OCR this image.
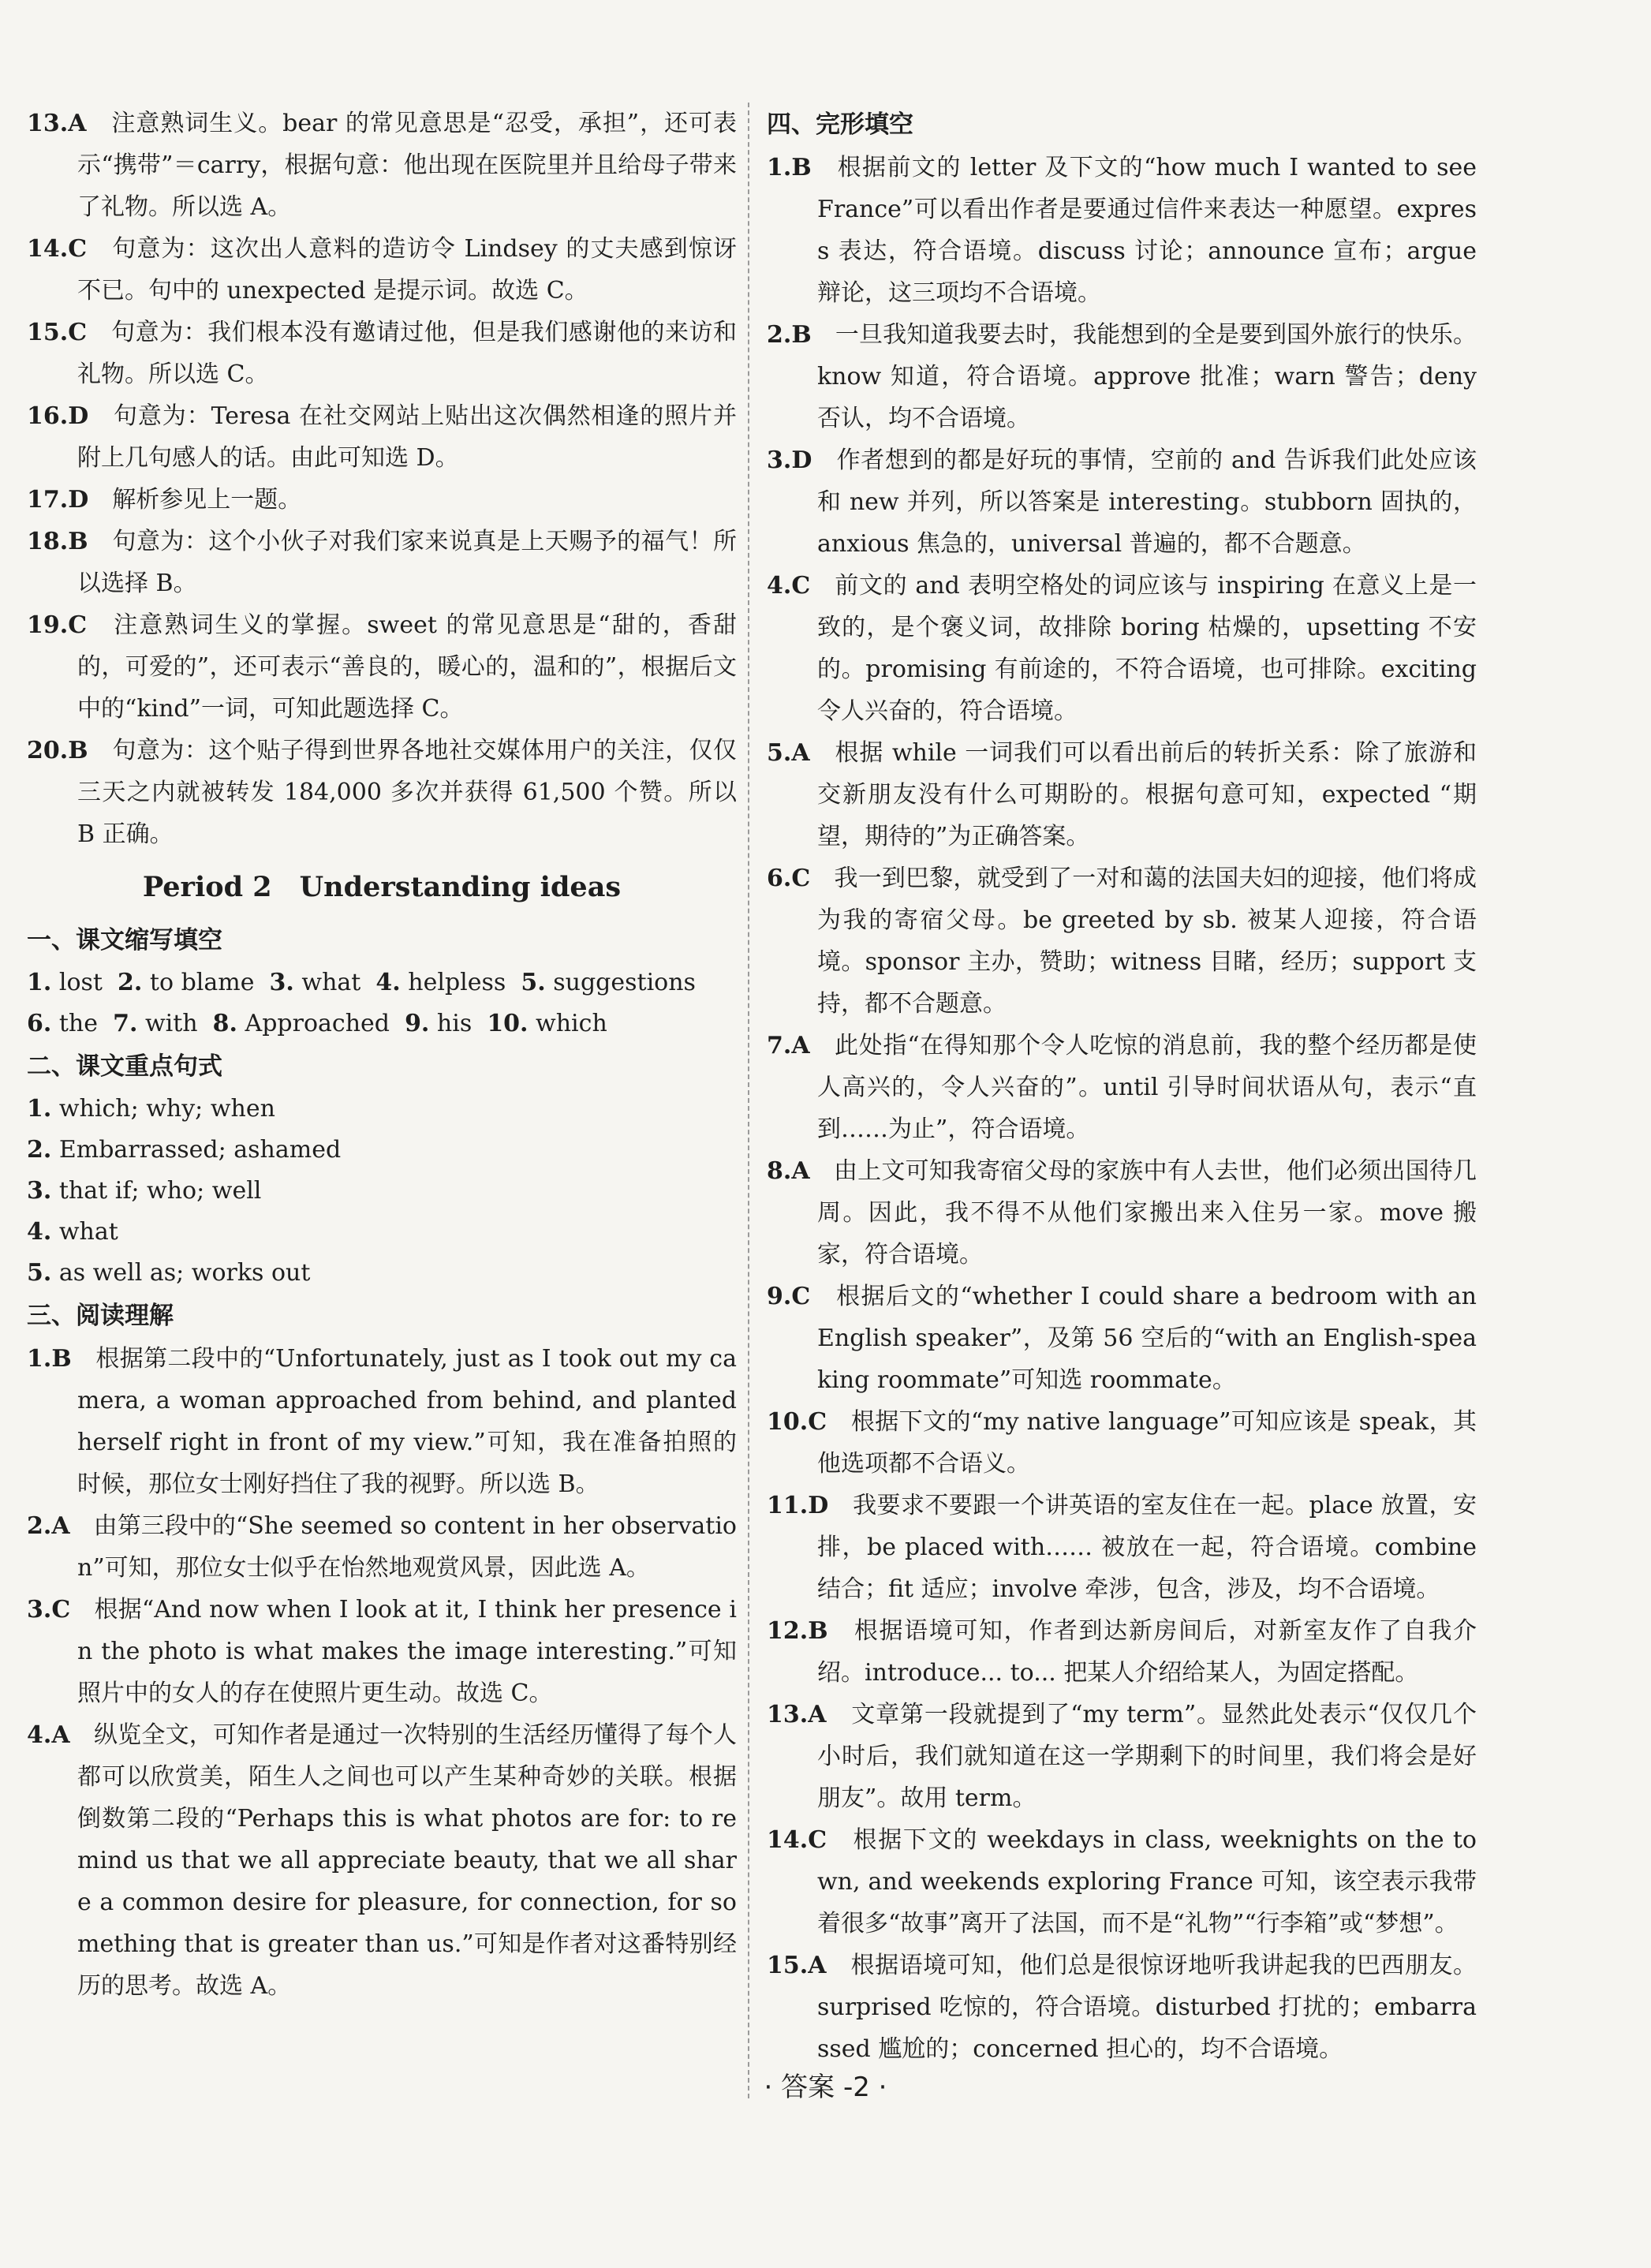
13.A　注意熟词生义。bear 的常见意思是“忍受，承担”，还可表示“携带”＝carry，根据句意：他出现在医院里并且给母子带来了礼物。所以选 A。

14.C　句意为：这次出人意料的造访令 Lindsey 的丈夫感到惊讶不已。句中的 unexpected 是提示词。故选 C。

15.C　句意为：我们根本没有邀请过他，但是我们感谢他的来访和礼物。所以选 C。

16.D　句意为：Teresa 在社交网站上贴出这次偶然相逢的照片并附上几句感人的话。由此可知选 D。

17.D　解析参见上一题。

18.B　句意为：这个小伙子对我们家来说真是上天赐予的福气！所以选择 B。

19.C　注意熟词生义的掌握。sweet 的常见意思是“甜的，香甜的，可爱的”，还可表示“善良的，暖心的，温和的”，根据后文中的“kind”一词，可知此题选择 C。

20.B　句意为：这个贴子得到世界各地社交媒体用户的关注，仅仅三天之内就被转发 184,000 多次并获得 61,500 个赞。所以 B 正确。

Period 2　Understanding ideas

一、课文缩写填空

1. lost  2. to blame  3. what  4. helpless  5. suggestions

6. the  7. with  8. Approached  9. his  10. which

二、课文重点句式

1. which; why; when

2. Embarrassed; ashamed

3. that if; who; well

4. what

5. as well as; works out

三、阅读理解

1.B　根据第二段中的“Unfortunately, just as I took out my camera, a woman approached from behind, and planted herself right in front of my view.”可知，我在准备拍照的时候，那位女士刚好挡住了我的视野。所以选 B。

2.A　由第三段中的“She seemed so content in her observation”可知，那位女士似乎在怡然地观赏风景，因此选 A。

3.C　根据“And now when I look at it, I think her presence in the photo is what makes the image interesting.”可知照片中的女人的存在使照片更生动。故选 C。

4.A　纵览全文，可知作者是通过一次特别的生活经历懂得了每个人都可以欣赏美，陌生人之间也可以产生某种奇妙的关联。根据倒数第二段的“Perhaps this is what photos are for: to remind us that we all appreciate beauty, that we all share a common desire for pleasure, for connection, for something that is greater than us.”可知是作者对这番特别经历的思考。故选 A。

四、完形填空

1.B　根据前文的 letter 及下文的“how much I wanted to see France”可以看出作者是要通过信件来表达一种愿望。express 表达，符合语境。discuss 讨论；announce 宣布；argue 辩论，这三项均不合语境。

2.B　一旦我知道我要去时，我能想到的全是要到国外旅行的快乐。know 知道，符合语境。approve 批准；warn 警告；deny 否认，均不合语境。

3.D　作者想到的都是好玩的事情，空前的 and 告诉我们此处应该和 new 并列，所以答案是 interesting。stubborn 固执的，anxious 焦急的，universal 普遍的，都不合题意。

4.C　前文的 and 表明空格处的词应该与 inspiring 在意义上是一致的，是个褒义词，故排除 boring 枯燥的，upsetting 不安的。promising 有前途的，不符合语境，也可排除。exciting 令人兴奋的，符合语境。

5.A　根据 while 一词我们可以看出前后的转折关系：除了旅游和交新朋友没有什么可期盼的。根据句意可知，expected “期望，期待的”为正确答案。

6.C　我一到巴黎，就受到了一对和蔼的法国夫妇的迎接，他们将成为我的寄宿父母。be greeted by sb. 被某人迎接，符合语境。sponsor 主办，赞助；witness 目睹，经历；support 支持，都不合题意。

7.A　此处指“在得知那个令人吃惊的消息前，我的整个经历都是使人高兴的，令人兴奋的”。until 引导时间状语从句，表示“直到……为止”，符合语境。

8.A　由上文可知我寄宿父母的家族中有人去世，他们必须出国待几周。因此，我不得不从他们家搬出来入住另一家。move 搬家，符合语境。

9.C　根据后文的“whether I could share a bedroom with an English speaker”，及第 56 空后的“with an English-speaking roommate”可知选 roommate。

10.C　根据下文的“my native language”可知应该是 speak，其他选项都不合语义。

11.D　我要求不要跟一个讲英语的室友住在一起。place 放置，安排，be placed with…… 被放在一起，符合语境。combine 结合；fit 适应；involve 牵涉，包含，涉及，均不合语境。

12.B　根据语境可知，作者到达新房间后，对新室友作了自我介绍。introduce... to... 把某人介绍给某人，为固定搭配。

13.A　文章第一段就提到了“my term”。显然此处表示“仅仅几个小时后，我们就知道在这一学期剩下的时间里，我们将会是好朋友”。故用 term。

14.C　根据下文的 weekdays in class, weeknights on the town, and weekends exploring France 可知，该空表示我带着很多“故事”离开了法国，而不是“礼物”“行李箱”或“梦想”。

15.A　根据语境可知，他们总是很惊讶地听我讲起我的巴西朋友。surprised 吃惊的，符合语境。disturbed 打扰的；embarrassed 尴尬的；concerned 担心的，均不合语境。

· 答案 -2 ·
